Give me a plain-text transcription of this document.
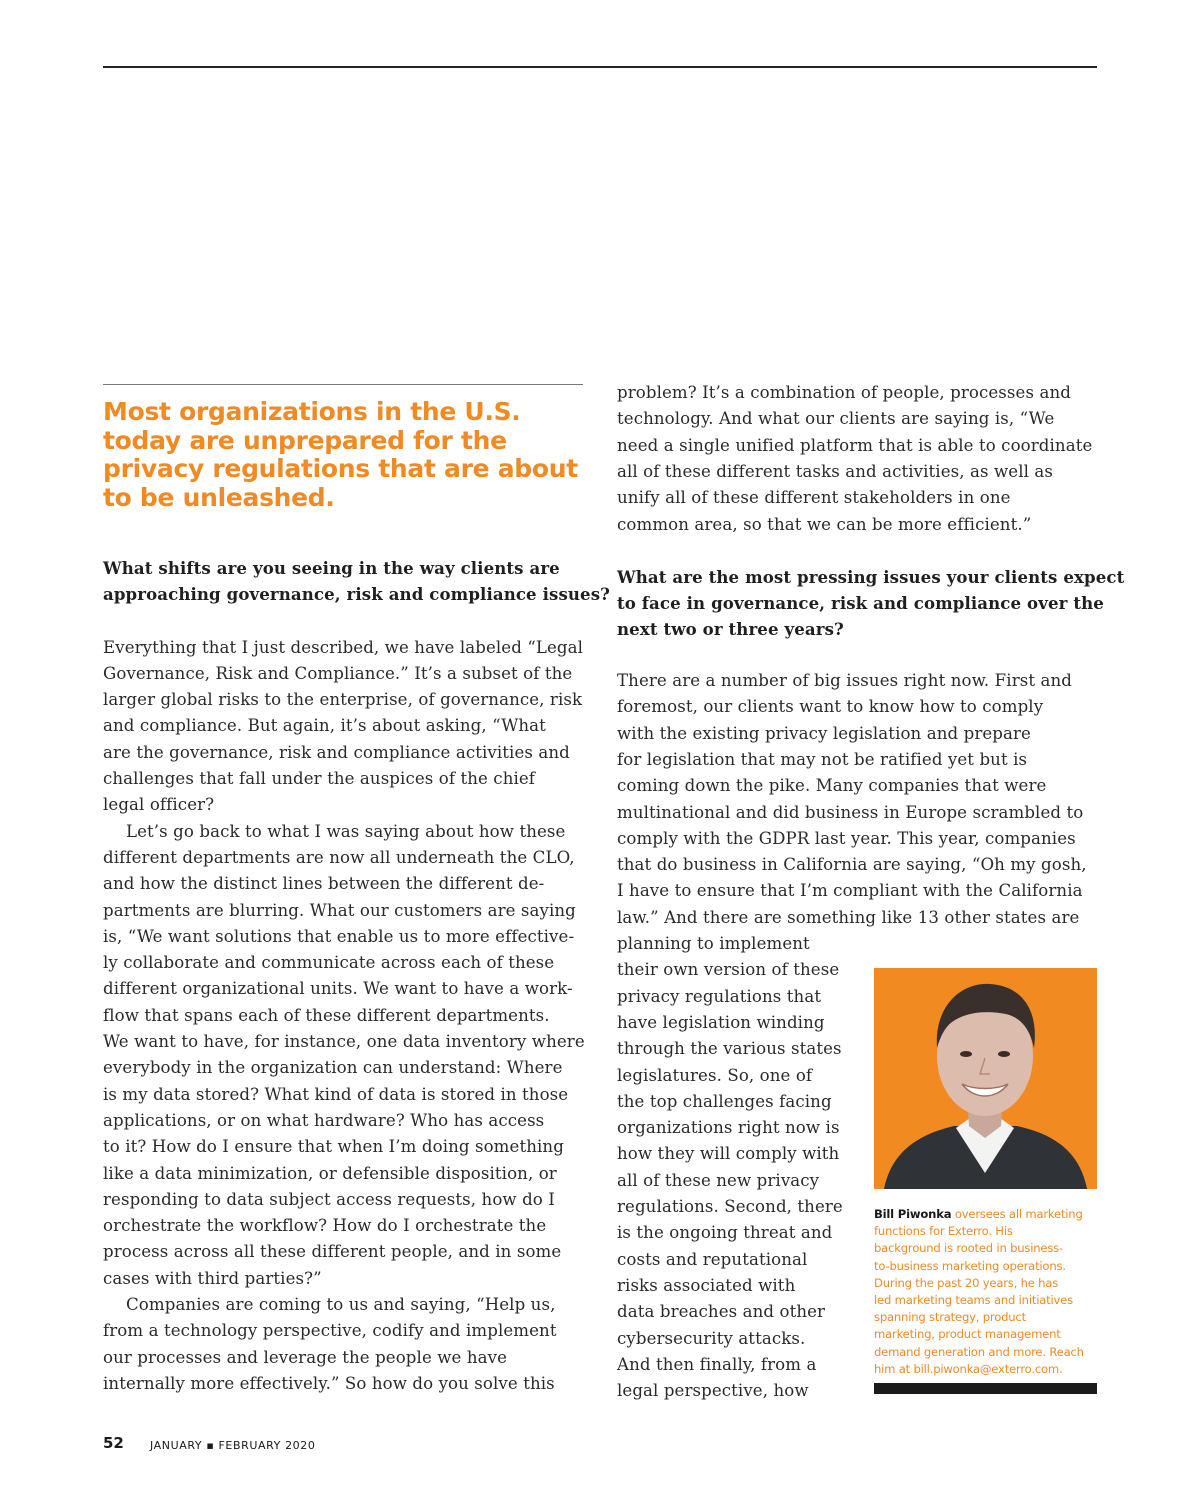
Most organizations in the U.S. today are unprepared for the privacy regulations that are about to be unleashed.
What shifts are you seeing in the way clients are
approaching governance, risk and compliance issues?
Everything that I just described, we have labeled “Legal
Governance, Risk and Compliance.” It’s a subset of the
larger global risks to the enterprise, of governance, risk
and compliance. But again, it’s about asking, “What
are the governance, risk and compliance activities and
challenges that fall under the auspices of the chief
legal officer?
Let’s go back to what I was saying about how these
different departments are now all underneath the CLO,
and how the distinct lines between the different de-
partments are blurring. What our customers are saying
is, “We want solutions that enable us to more effective-
ly collaborate and communicate across each of these
different organizational units. We want to have a work-
flow that spans each of these different departments.
We want to have, for instance, one data inventory where
everybody in the organization can understand: Where
is my data stored? What kind of data is stored in those
applications, or on what hardware? Who has access
to it? How do I ensure that when I’m doing something
like a data minimization, or defensible disposition, or
responding to data subject access requests, how do I
orchestrate the workflow? How do I orchestrate the
process across all these different people, and in some
cases with third parties?”
Companies are coming to us and saying, “Help us,
from a technology perspective, codify and implement
our processes and leverage the people we have
internally more effectively.” So how do you solve this
problem? It’s a combination of people, processes and
technology. And what our clients are saying is, “We
need a single unified platform that is able to coordinate
all of these different tasks and activities, as well as
unify all of these different stakeholders in one
common area, so that we can be more efficient.”
What are the most pressing issues your clients expect
to face in governance, risk and compliance over the
next two or three years?
There are a number of big issues right now. First and
foremost, our clients want to know how to comply
with the existing privacy legislation and prepare
for legislation that may not be ratified yet but is
coming down the pike. Many companies that were
multinational and did business in Europe scrambled to
comply with the GDPR last year. This year, companies
that do business in California are saying, “Oh my gosh,
I have to ensure that I’m compliant with the California
law.” And there are something like 13 other states are
planning to implement
their own version of these
privacy regulations that
have legislation winding
through the various states
legislatures. So, one of
the top challenges facing
organizations right now is
how they will comply with
all of these new privacy
regulations. Second, there
is the ongoing threat and
costs and reputational
risks associated with
data breaches and other
cybersecurity attacks.
And then finally, from a
legal perspective, how
Bill Piwonka oversees all marketing
functions for Exterro. His
background is rooted in business-
to-business marketing operations.
During the past 20 years, he has
led marketing teams and initiatives
spanning strategy, product
marketing, product management
demand generation and more. Reach
him at bill.piwonka@exterro.com.
52 JANUARY ▪ FEBRUARY 2020
